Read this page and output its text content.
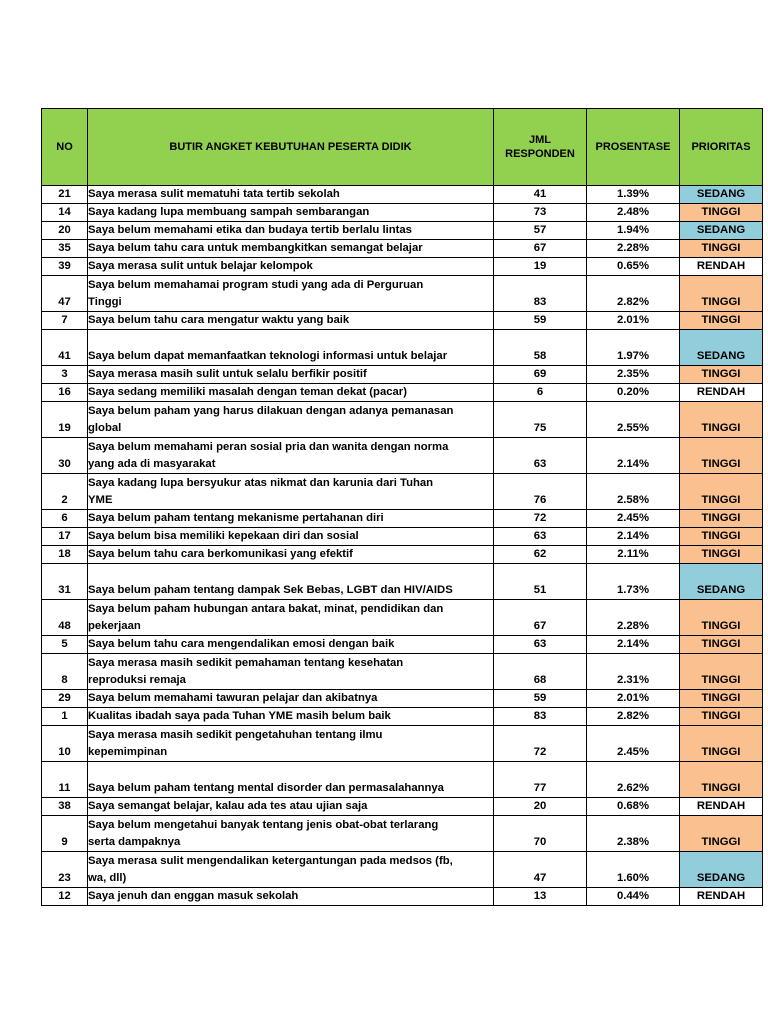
NO	BUTIR ANGKET KEBUTUHAN PESERTA DIDIK	JML
RESPONDEN	PROSENTASE	PRIORITAS
21	Saya merasa sulit mematuhi tata tertib sekolah	41	1.39%	SEDANG
14	Saya kadang lupa membuang sampah sembarangan	73	2.48%	TINGGI
20	Saya belum memahami etika dan budaya tertib berlalu lintas	57	1.94%	SEDANG
35	Saya belum tahu cara untuk membangkitkan semangat belajar	67	2.28%	TINGGI
39	Saya merasa sulit untuk belajar kelompok	19	0.65%	RENDAH
47	Saya belum memahamai program studi yang ada di Perguruan
Tinggi	83	2.82%	TINGGI
7	Saya belum tahu cara mengatur waktu yang baik	59	2.01%	TINGGI
41	Saya belum dapat memanfaatkan teknologi informasi untuk belajar	58	1.97%	SEDANG
3	Saya merasa masih sulit untuk selalu berfikir positif	69	2.35%	TINGGI
16	Saya sedang memiliki masalah dengan teman dekat (pacar)	6	0.20%	RENDAH
19	Saya belum paham yang harus dilakuan dengan adanya pemanasan
global	75	2.55%	TINGGI
30	Saya belum memahami peran sosial pria dan wanita dengan norma
yang ada di masyarakat	63	2.14%	TINGGI
2	Saya kadang lupa bersyukur atas nikmat dan karunia dari Tuhan
YME	76	2.58%	TINGGI
6	Saya belum paham tentang mekanisme pertahanan diri	72	2.45%	TINGGI
17	Saya belum bisa memiliki kepekaan diri dan sosial	63	2.14%	TINGGI
18	Saya belum tahu cara berkomunikasi yang efektif	62	2.11%	TINGGI
31	Saya belum paham tentang dampak Sek Bebas, LGBT dan HIV/AIDS	51	1.73%	SEDANG
48	Saya belum paham hubungan antara bakat, minat, pendidikan dan
pekerjaan	67	2.28%	TINGGI
5	Saya belum tahu cara mengendalikan emosi dengan baik	63	2.14%	TINGGI
8	Saya merasa masih sedikit pemahaman tentang kesehatan
reproduksi remaja	68	2.31%	TINGGI
29	Saya belum memahami tawuran pelajar dan akibatnya	59	2.01%	TINGGI
1	Kualitas ibadah saya pada Tuhan YME masih belum baik	83	2.82%	TINGGI
10	Saya merasa masih sedikit pengetahuhan tentang ilmu
kepemimpinan	72	2.45%	TINGGI
11	Saya belum paham tentang mental disorder dan permasalahannya	77	2.62%	TINGGI
38	Saya semangat belajar, kalau ada tes atau ujian saja	20	0.68%	RENDAH
9	Saya belum mengetahui banyak tentang jenis obat-obat terlarang
serta dampaknya	70	2.38%	TINGGI
23	Saya merasa sulit mengendalikan ketergantungan pada medsos (fb,
wa, dll)	47	1.60%	SEDANG
12	Saya jenuh dan enggan masuk sekolah	13	0.44%	RENDAH
